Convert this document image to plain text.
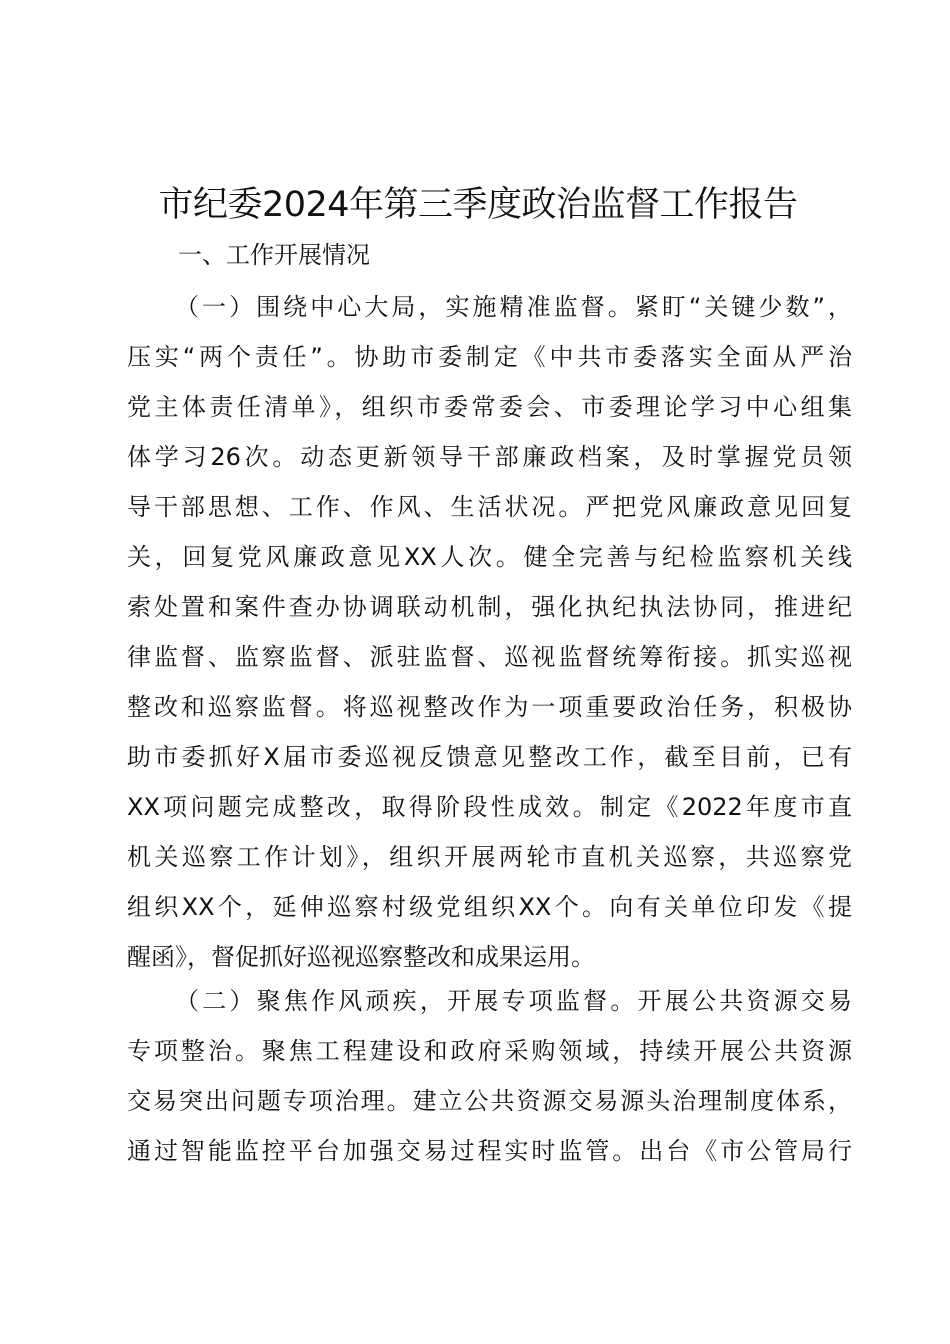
市纪委2024年第三季度政治监督工作报告
一、工作开展情况
（一）围绕中心大局，实施精准监督。紧盯“关键少数”，
压实“两个责任”。协助市委制定《中共市委落实全面从严治
党主体责任清单》，组织市委常委会、市委理论学习中心组集
体学习26次。动态更新领导干部廉政档案，及时掌握党员领
导干部思想、工作、作风、生活状况。严把党风廉政意见回复
关，回复党风廉政意见XX人次。健全完善与纪检监察机关线
索处置和案件查办协调联动机制，强化执纪执法协同，推进纪
律监督、监察监督、派驻监督、巡视监督统筹衔接。抓实巡视
整改和巡察监督。将巡视整改作为一项重要政治任务，积极协
助市委抓好X届市委巡视反馈意见整改工作，截至目前，已有
XX项问题完成整改，取得阶段性成效。制定《2022年度市直
机关巡察工作计划》，组织开展两轮市直机关巡察，共巡察党
组织XX个，延伸巡察村级党组织XX个。向有关单位印发《提
醒函》，督促抓好巡视巡察整改和成果运用。
（二）聚焦作风顽疾，开展专项监督。开展公共资源交易
专项整治。聚焦工程建设和政府采购领域，持续开展公共资源
交易突出问题专项治理。建立公共资源交易源头治理制度体系，
通过智能监控平台加强交易过程实时监管。出台《市公管局行
